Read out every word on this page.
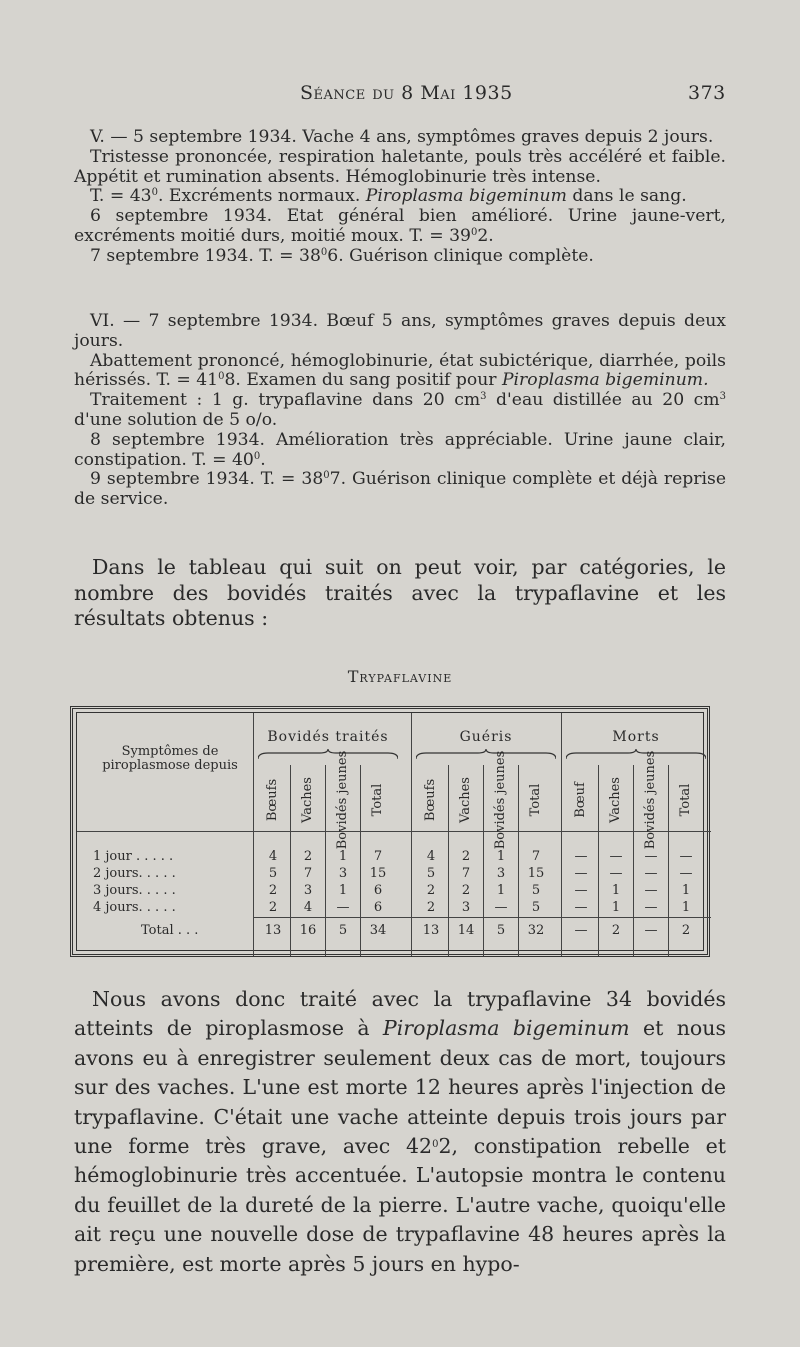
Séance du 8 Mai 1935	373

V. — 5 septembre 1934. Vache 4 ans, symptômes graves depuis 2 jours.

Tristesse prononcée, respiration haletante, pouls très accéléré et faible. Appétit et rumination absents. Hémoglobinurie très intense.

T. = $43^0$. Excréments normaux. Piroplasma bigeminum dans le sang.

6 septembre 1934. Etat général bien amélioré. Urine jaune-vert, excréments moitié durs, moitié moux. T. = $39^02$.

7 septembre 1934. T. = $38^06$. Guérison clinique complète.

VI. — 7 septembre 1934. Bœuf 5 ans, symptômes graves depuis deux jours.

Abattement prononcé, hémoglobinurie, état subictérique, diarrhée, poils hérissés. T. = $41^08$. Examen du sang positif pour Piroplasma bigeminum.

Traitement : 1 g. trypaflavine dans 20 $cm^3$ d'eau distillée au 20 $cm^3$ d'une solution de 5 o/o.

8 septembre 1934. Amélioration très appréciable. Urine jaune clair, constipation. T. = $40^0$.

9 septembre 1934. T. = $38^07$. Guérison clinique complète et déjà reprise de service.

Dans le tableau qui suit on peut voir, par catégories, le nombre des bovidés traités avec la trypaflavine et les résultats obtenus :

Trypaflavine
Symptômes de piroplasmose depuis
Bovidés traités
Bœufs Vaches Bovidés jeunes Total
Guéris
Bœufs Vaches Bovidés jeunes Total
Morts
Bœuf Vaches Bovidés jeunes Total
1 jour . . . . .	4	2	1	7	4	2	1	7	—	—	—	—
2 jours. . . . .	5	7	3	15	5	7	3	15	—	—	—	—
3 jours. . . . .	2	3	1	6	2	2	1	5	—	1	—	1
4 jours. . . . .	2	4	—	6	2	3	—	5	—	1	—	1
Total . . .	13	16	5	34	13	14	5	32	—	2	—	2

Nous avons donc traité avec la trypaflavine 34 bovidés atteints de piroplasmose à Piroplasma bigeminum et nous avons eu à enregistrer seulement deux cas de mort, toujours sur des vaches. L'une est morte 12 heures après l'injection de trypaflavine. C'était une vache atteinte depuis trois jours par une forme très grave, avec $42^02$, constipation rebelle et hémoglobinurie très accentuée. L'autopsie montra le contenu du feuillet de la dureté de la pierre. L'autre vache, quoiqu'elle ait reçu une nouvelle dose de trypaflavine 48 heures après la première, est morte après 5 jours en hypo-
